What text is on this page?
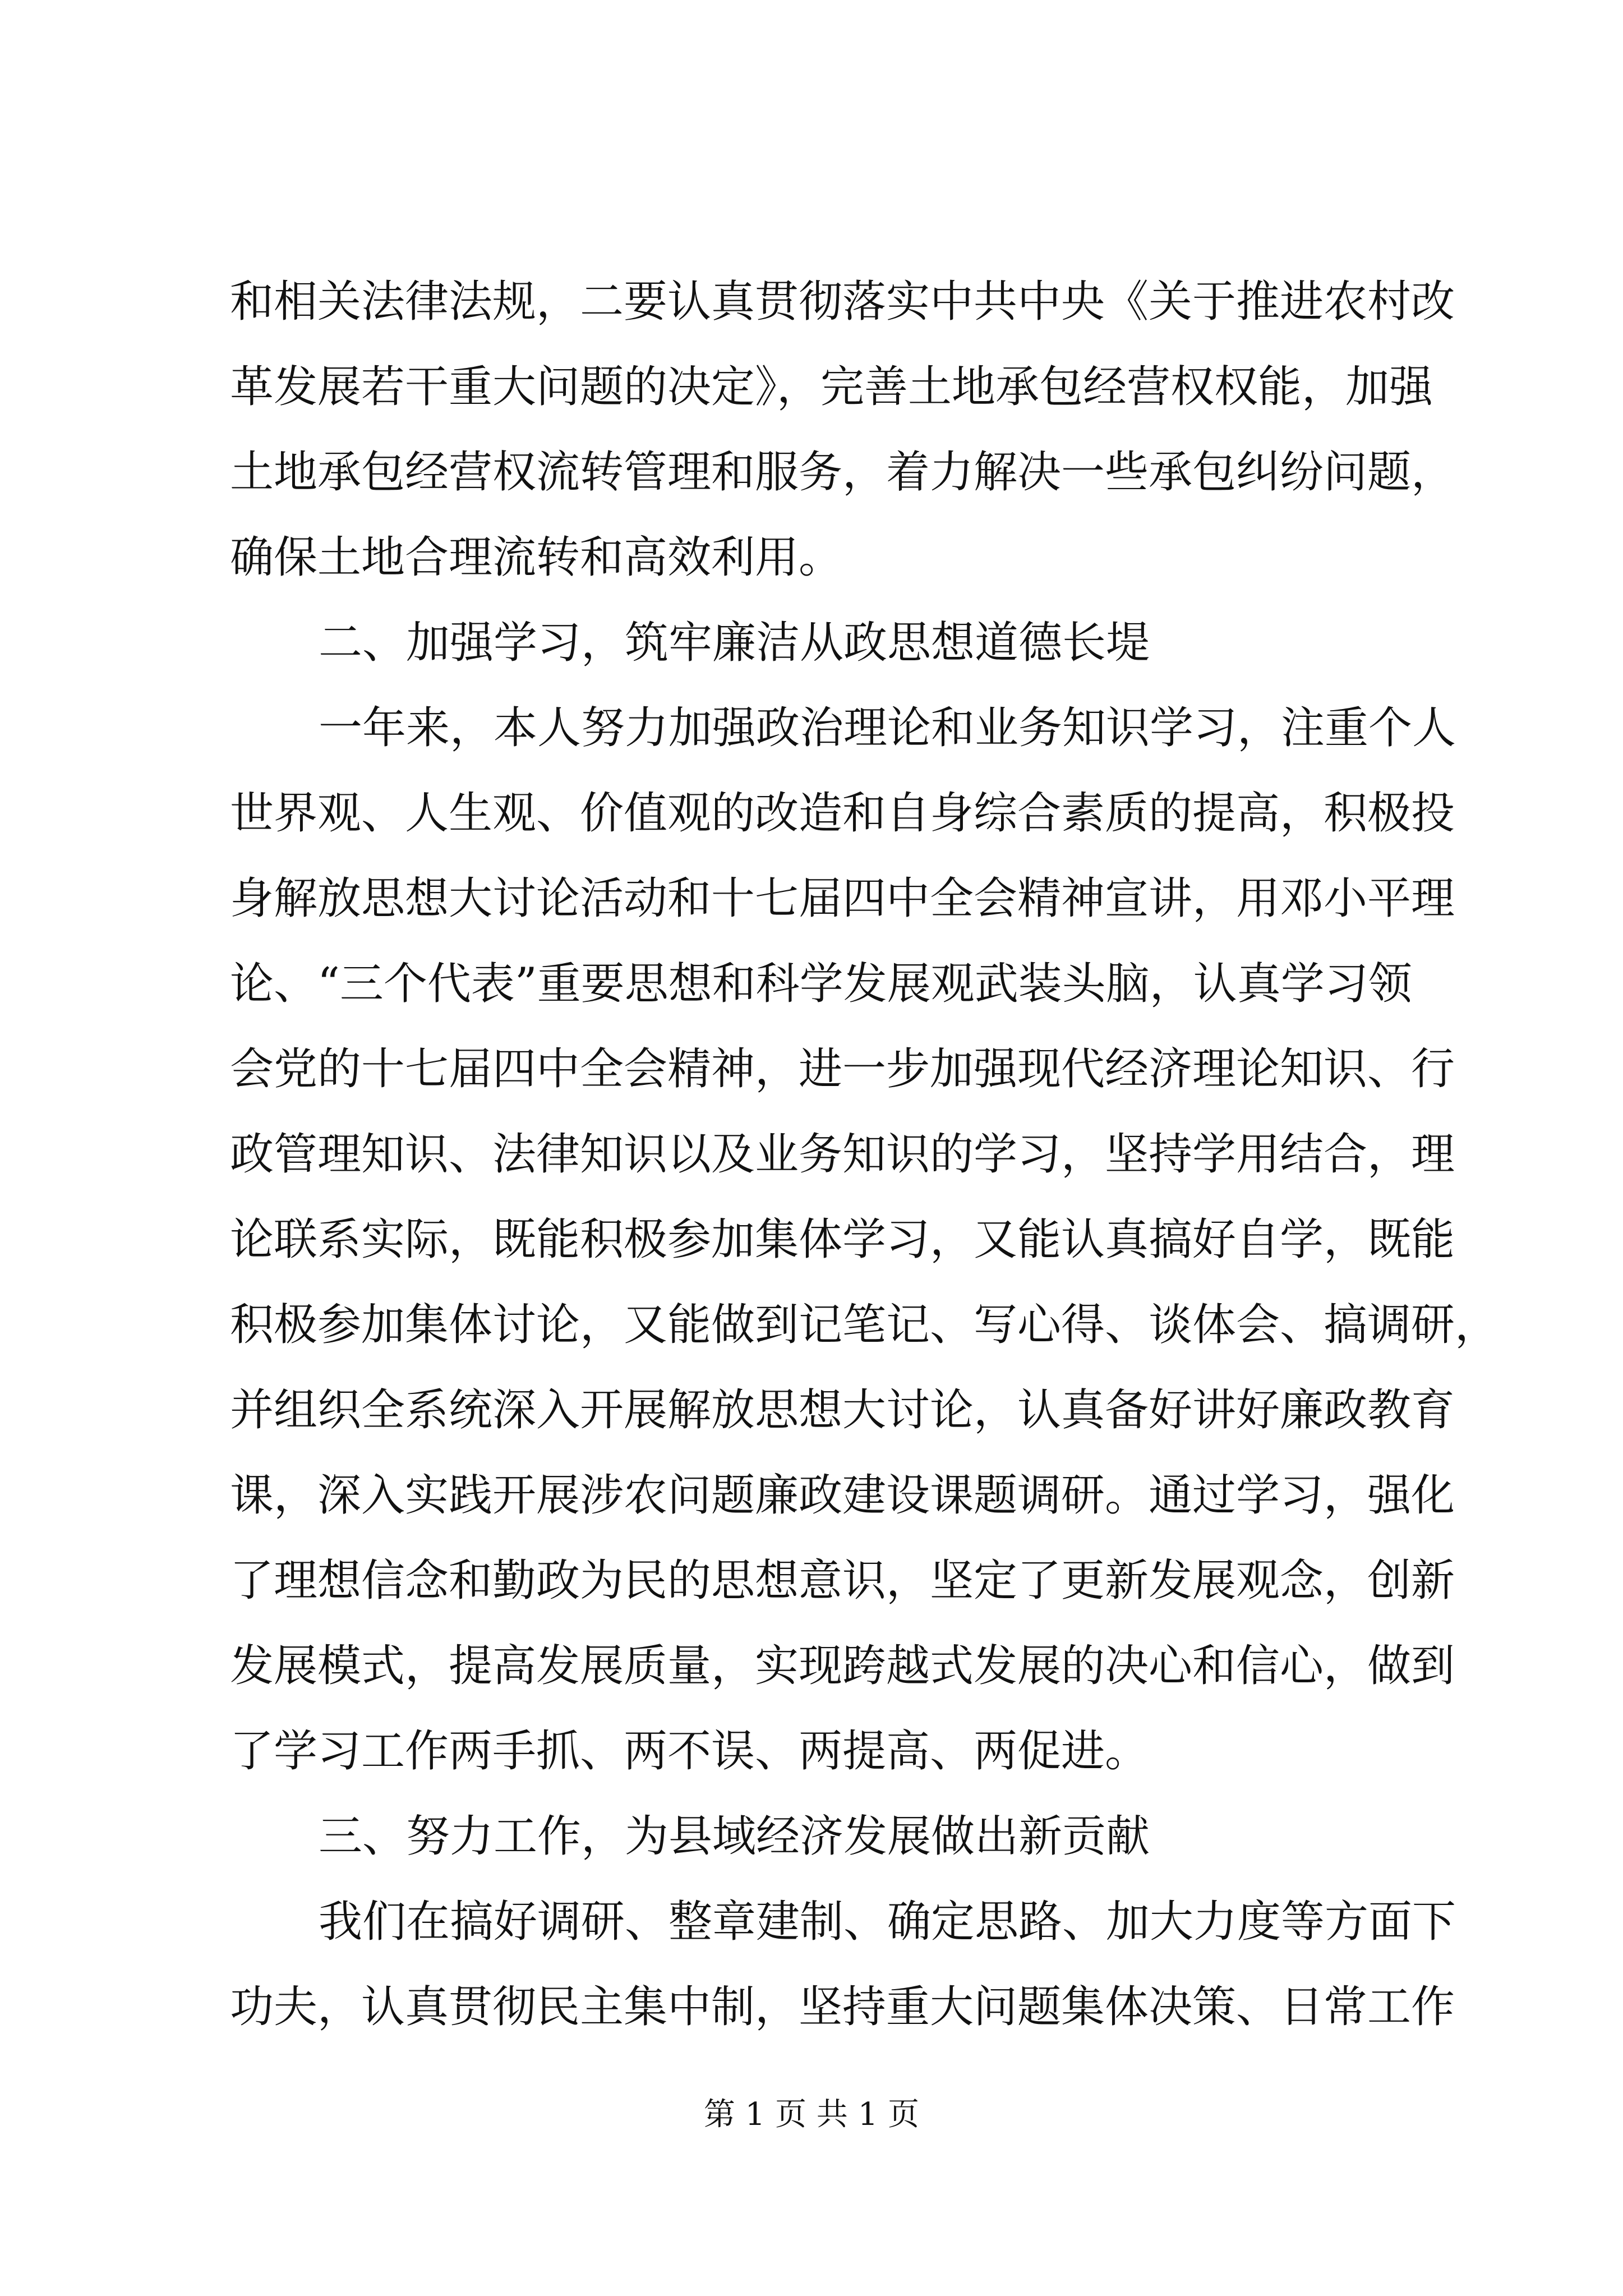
和相关法律法规，二要认真贯彻落实中共中央《关于推进农村改
革发展若干重大问题的决定》，完善土地承包经营权权能，加强
土地承包经营权流转管理和服务，着力解决一些承包纠纷问题，
确保土地合理流转和高效利用。
二、加强学习，筑牢廉洁从政思想道德长堤
一年来，本人努力加强政治理论和业务知识学习，注重个人
世界观、人生观、价值观的改造和自身综合素质的提高，积极投
身解放思想大讨论活动和十七届四中全会精神宣讲，用邓小平理
论、“三个代表”重要思想和科学发展观武装头脑，认真学习领
会党的十七届四中全会精神，进一步加强现代经济理论知识、行
政管理知识、法律知识以及业务知识的学习，坚持学用结合，理
论联系实际，既能积极参加集体学习，又能认真搞好自学，既能
积极参加集体讨论，又能做到记笔记、写心得、谈体会、搞调研，
并组织全系统深入开展解放思想大讨论，认真备好讲好廉政教育
课，深入实践开展涉农问题廉政建设课题调研。通过学习，强化
了理想信念和勤政为民的思想意识，坚定了更新发展观念，创新
发展模式，提高发展质量，实现跨越式发展的决心和信心，做到
了学习工作两手抓、两不误、两提高、两促进。
三、努力工作，为县域经济发展做出新贡献
我们在搞好调研、整章建制、确定思路、加大力度等方面下
功夫，认真贯彻民主集中制，坚持重大问题集体决策、日常工作
第 1 页 共 1 页
